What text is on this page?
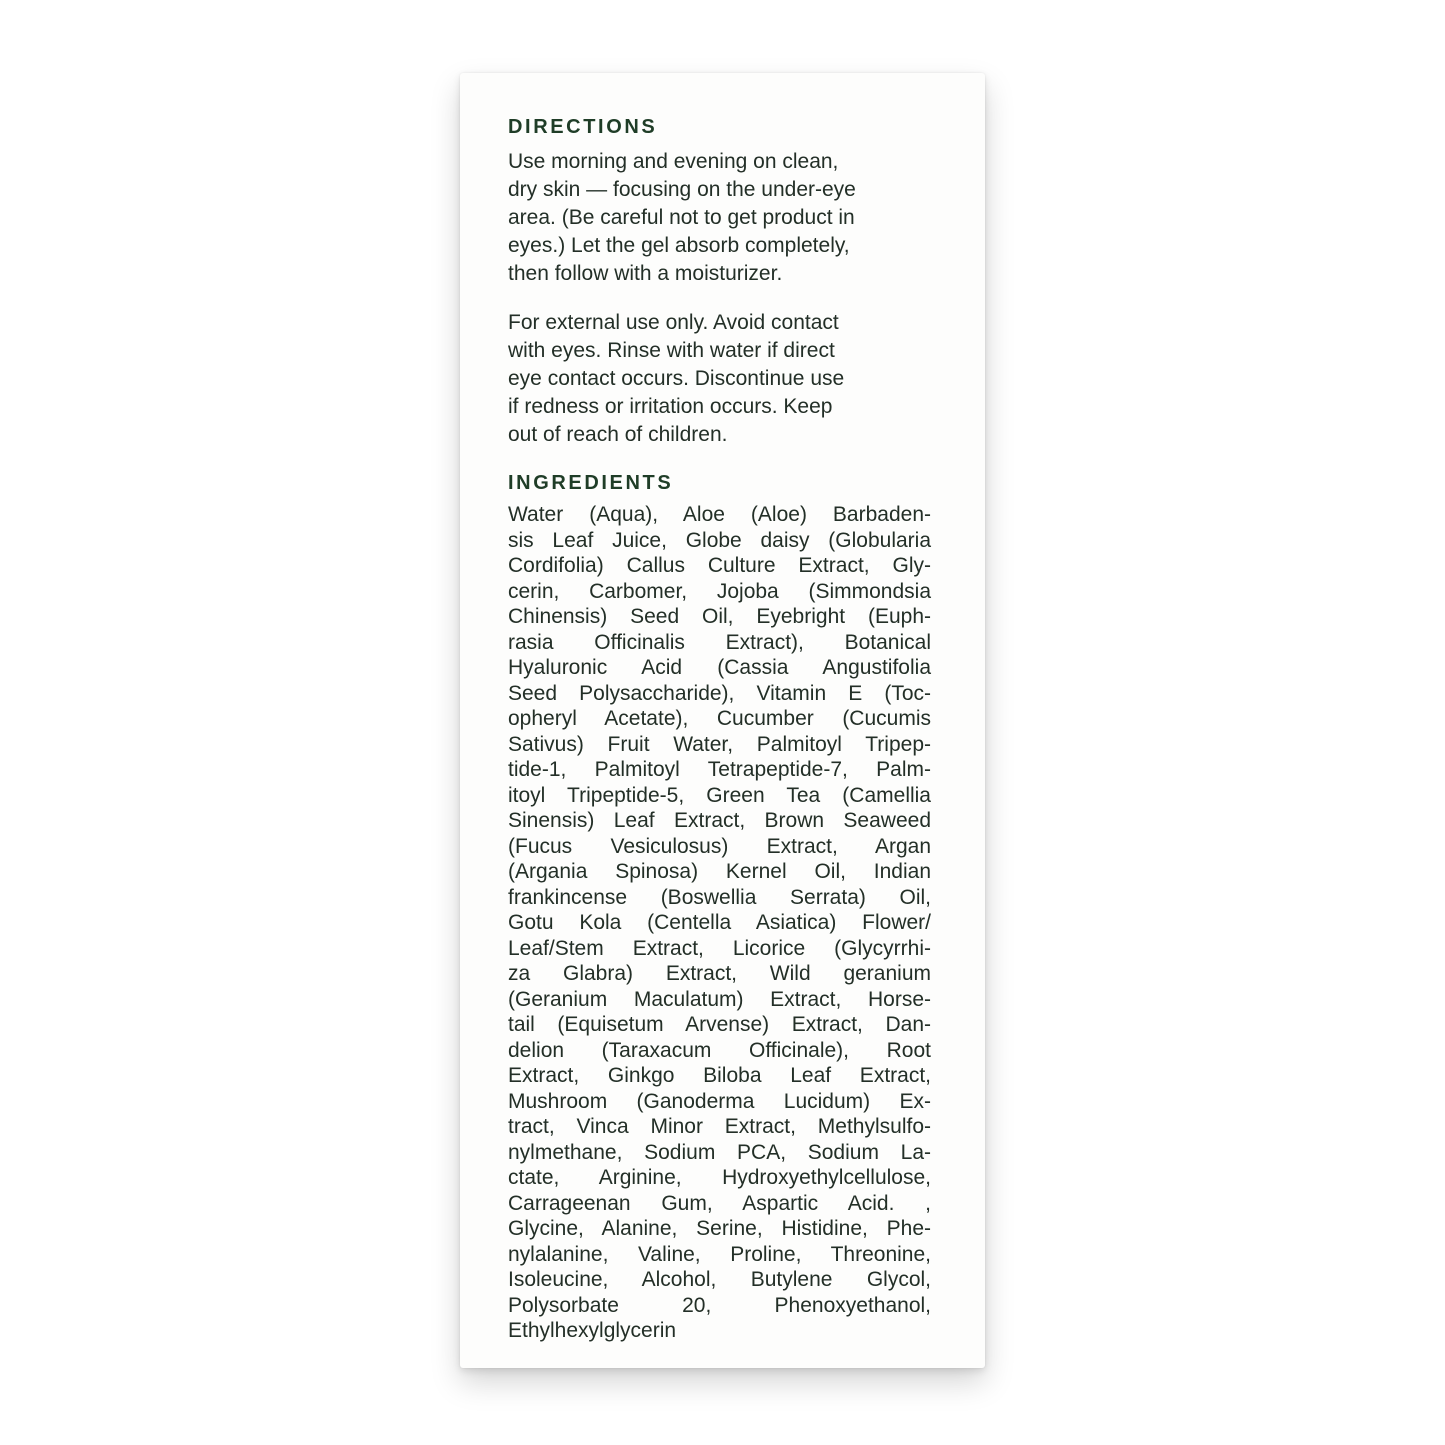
DIRECTIONS
Use morning and evening on clean,
dry skin — focusing on the under-eye
area. (Be careful not to get product in
eyes.) Let the gel absorb completely,
then follow with a moisturizer.
For external use only. Avoid contact
with eyes. Rinse with water if direct
eye contact occurs. Discontinue use
if redness or irritation occurs. Keep
out of reach of children.
INGREDIENTS
Water (Aqua), Aloe (Aloe) Barbaden-
sis Leaf Juice, Globe daisy (Globularia
Cordifolia) Callus Culture Extract, Gly-
cerin, Carbomer, Jojoba (Simmondsia
Chinensis) Seed Oil, Eyebright (Euph-
rasia Officinalis Extract), Botanical
Hyaluronic Acid (Cassia Angustifolia
Seed Polysaccharide), Vitamin E (Toc-
opheryl Acetate), Cucumber (Cucumis
Sativus) Fruit Water, Palmitoyl Tripep-
tide-1, Palmitoyl Tetrapeptide-7, Palm-
itoyl Tripeptide-5, Green Tea (Camellia
Sinensis) Leaf Extract, Brown Seaweed
(Fucus Vesiculosus) Extract, Argan
(Argania Spinosa) Kernel Oil, Indian
frankincense (Boswellia Serrata) Oil,
Gotu Kola (Centella Asiatica) Flower/
Leaf/Stem Extract, Licorice (Glycyrrhi-
za Glabra) Extract, Wild geranium
(Geranium Maculatum) Extract, Horse-
tail (Equisetum Arvense) Extract, Dan-
delion (Taraxacum Officinale), Root
Extract, Ginkgo Biloba Leaf Extract,
Mushroom (Ganoderma Lucidum) Ex-
tract, Vinca Minor Extract, Methylsulfo-
nylmethane, Sodium PCA, Sodium La-
ctate, Arginine, Hydroxyethylcellulose,
Carrageenan Gum, Aspartic Acid. ,
Glycine, Alanine, Serine, Histidine, Phe-
nylalanine, Valine, Proline, Threonine,
Isoleucine, Alcohol, Butylene Glycol,
Polysorbate 20, Phenoxyethanol,
Ethylhexylglycerin
